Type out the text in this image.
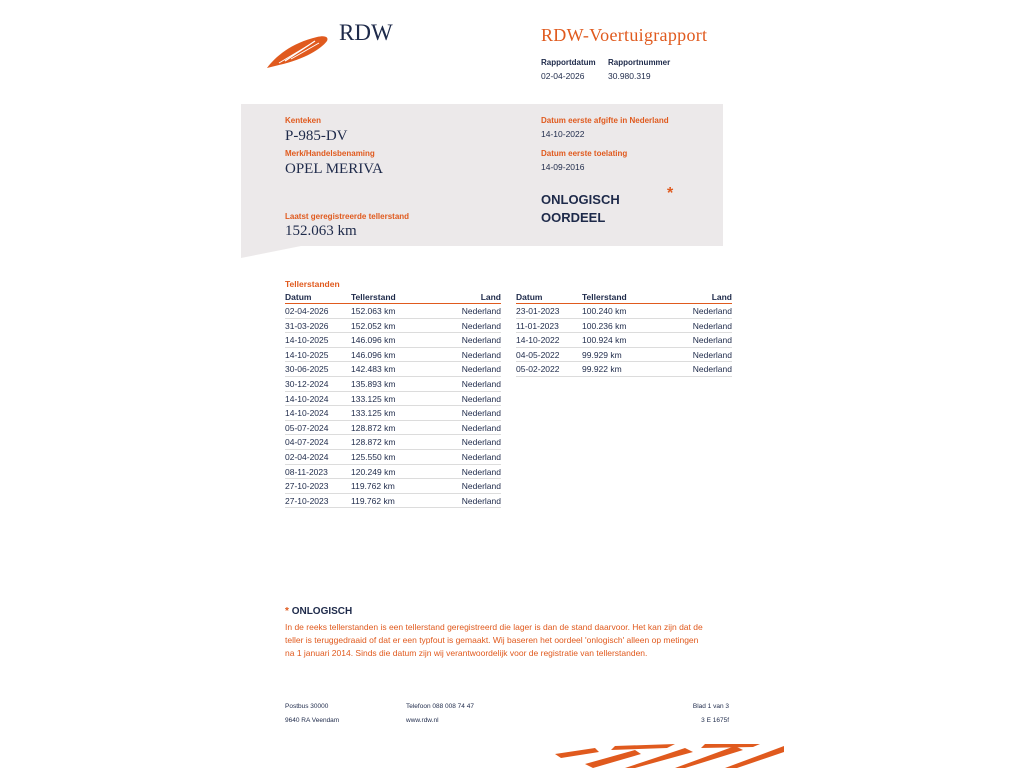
RDW	RDW-Voertuigrapport
Rapportdatum
02-04-2026
Rapportnummer
30.980.319
Kenteken
P-985-DV
Merk/Handelsbenaming
OPEL MERIVA
Laatst geregistreerde tellerstand
152.063 km
Datum eerste afgifte in Nederland
14-10-2022
Datum eerste toelating
14-09-2016
ONLOGISCH OORDEEL
*
Tellerstanden
Datum	Tellerstand	Land
02-04-2026	152.063 km	Nederland
31-03-2026	152.052 km	Nederland
14-10-2025	146.096 km	Nederland
14-10-2025	146.096 km	Nederland
30-06-2025	142.483 km	Nederland
30-12-2024	135.893 km	Nederland
14-10-2024	133.125 km	Nederland
14-10-2024	133.125 km	Nederland
05-07-2024	128.872 km	Nederland
04-07-2024	128.872 km	Nederland
02-04-2024	125.550 km	Nederland
08-11-2023	120.249 km	Nederland
27-10-2023	119.762 km	Nederland
27-10-2023	119.762 km	Nederland
Datum	Tellerstand	Land
23-01-2023	100.240 km	Nederland
11-01-2023	100.236 km	Nederland
14-10-2022	100.924 km	Nederland
04-05-2022	99.929 km	Nederland
05-02-2022	99.922 km	Nederland
* ONLOGISCH
In de reeks tellerstanden is een tellerstand geregistreerd die lager is dan de stand daarvoor. Het kan zijn dat de teller is teruggedraaid of dat er een typfout is gemaakt. Wij baseren het oordeel 'onlogisch' alleen op metingen na 1 januari 2014. Sinds die datum zijn wij verantwoordelijk voor de registratie van tellerstanden.
Postbus 30000
9640 RA Veendam
Telefoon 088 008 74 47
www.rdw.nl
Blad 1 van 3
3 E 1675f
